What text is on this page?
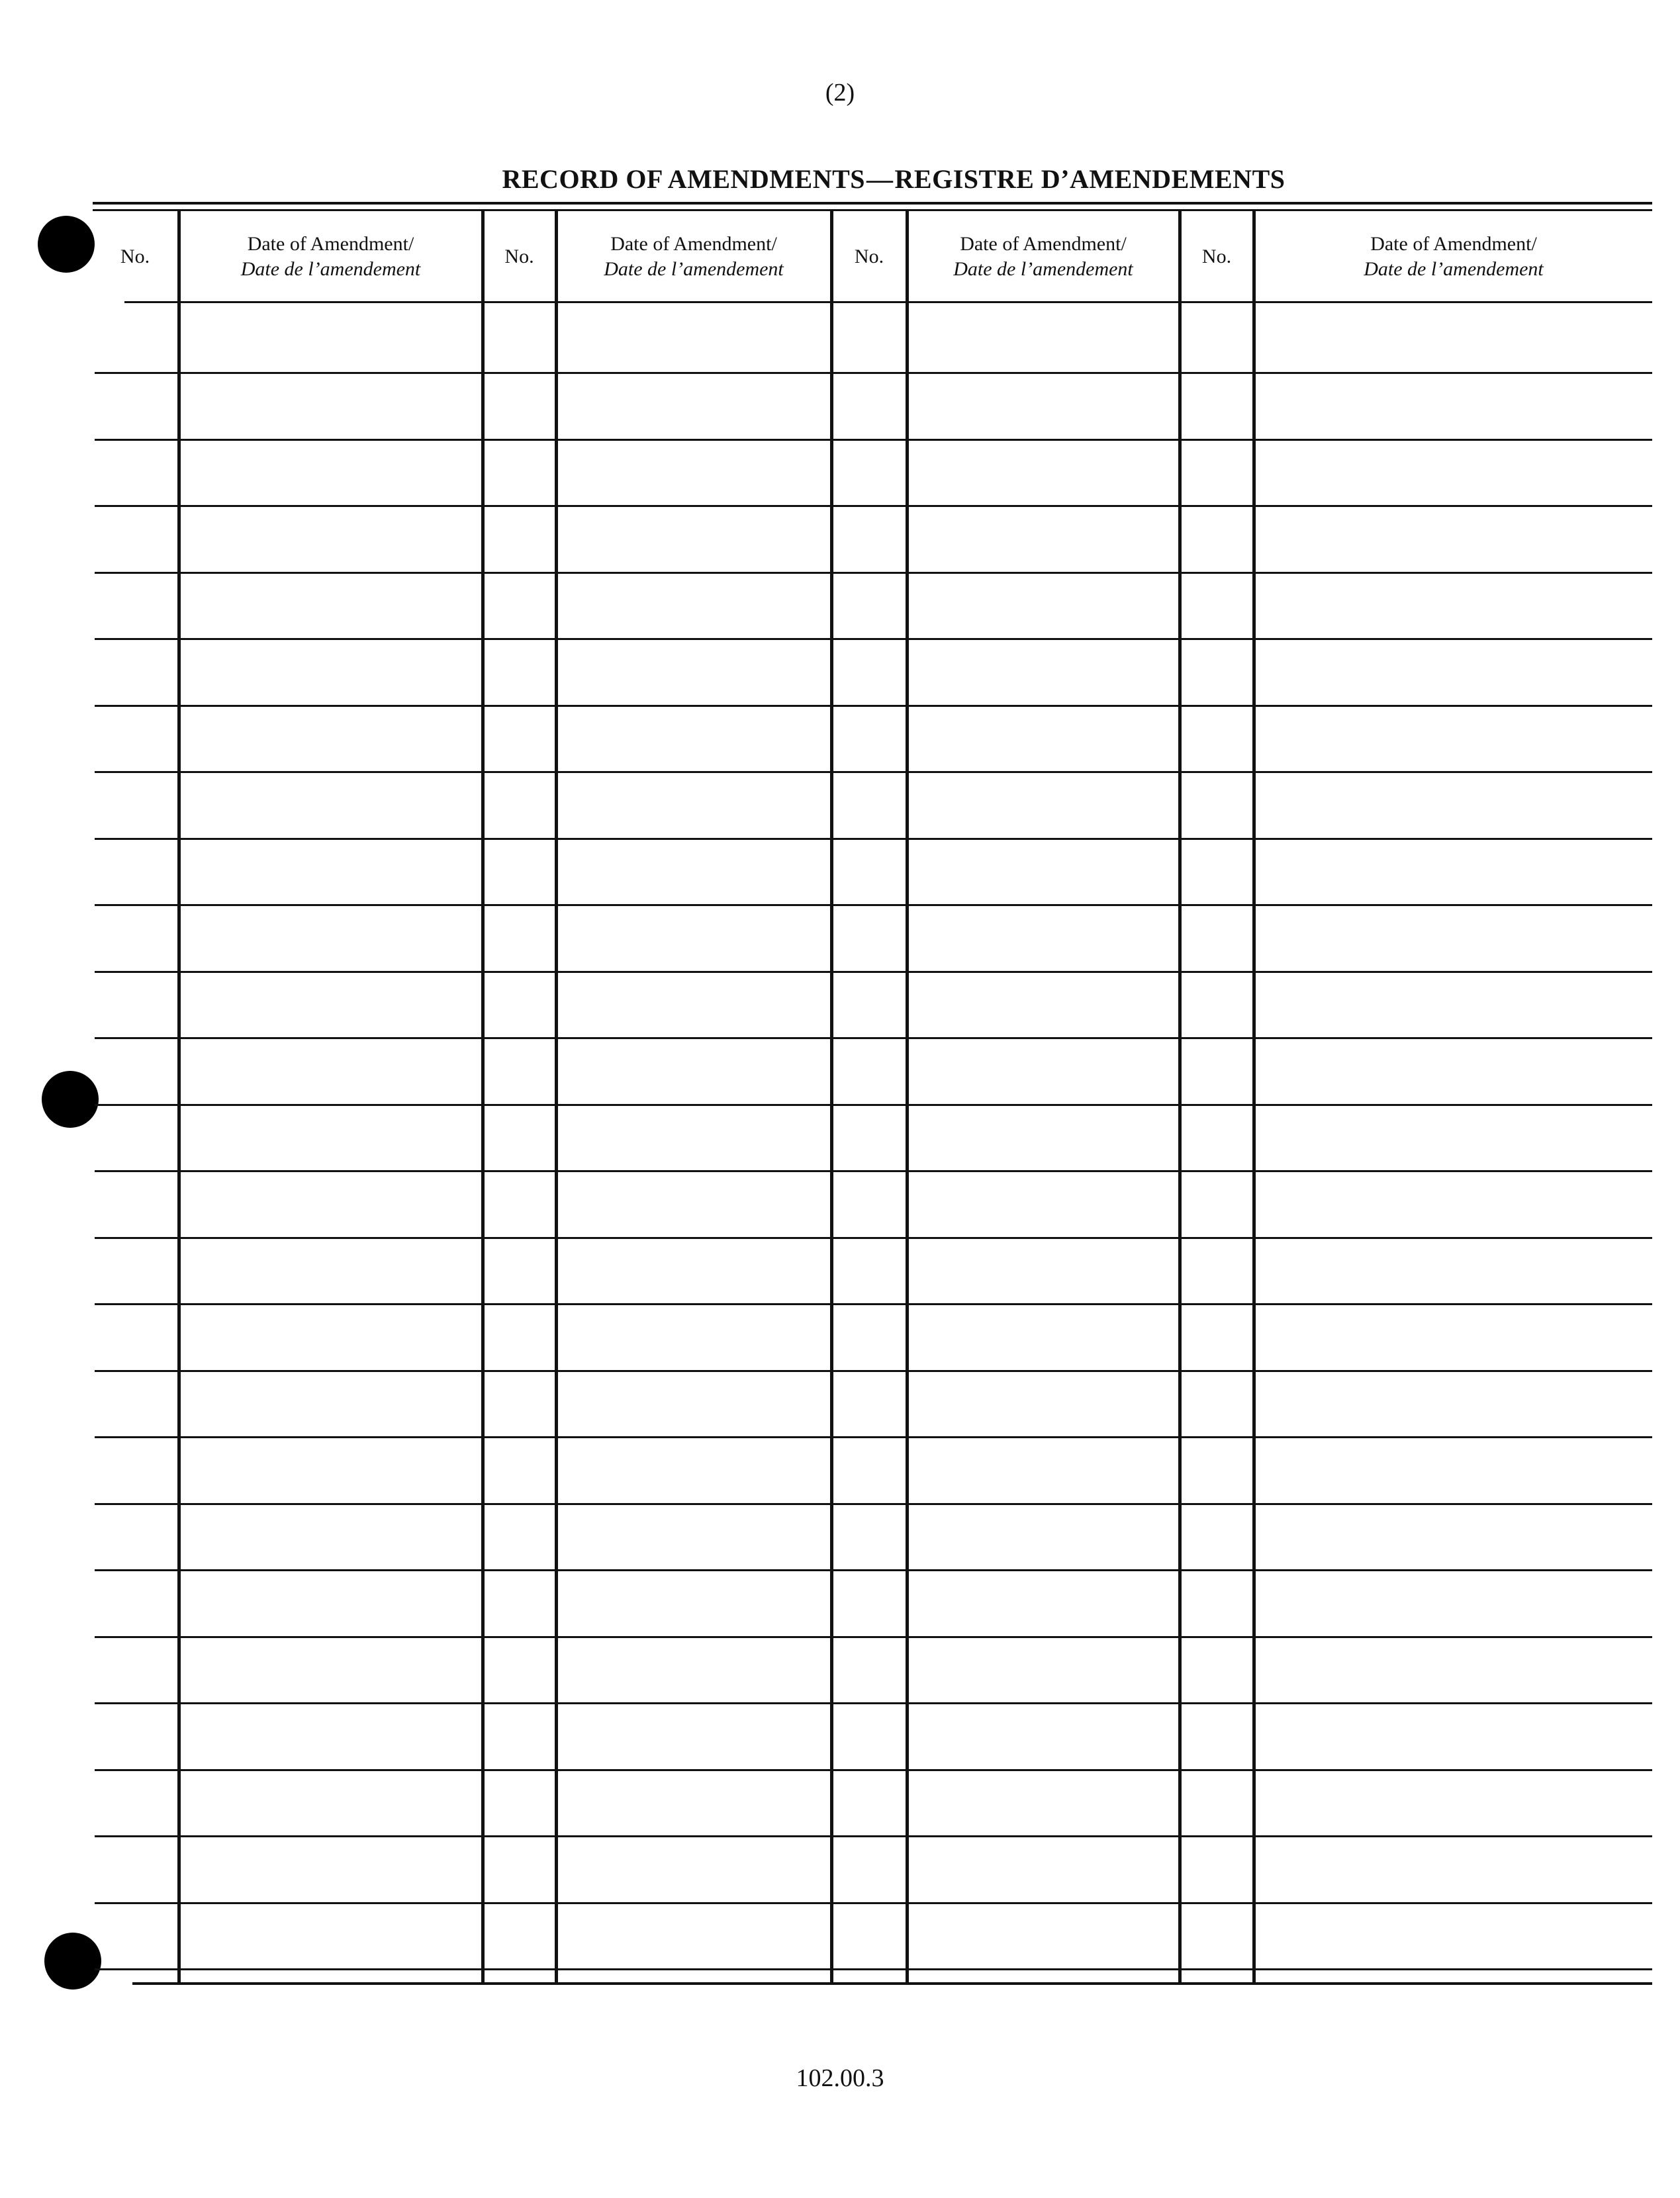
(2)
RECORD OF AMENDMENTS—REGISTRE D’AMENDEMENTS
No.
Date of Amendment/
Date de l’amendement
No.
Date of Amendment/
Date de l’amendement
No.
Date of Amendment/
Date de l’amendement
No.
Date of Amendment/
Date de l’amendement
102.00.3
